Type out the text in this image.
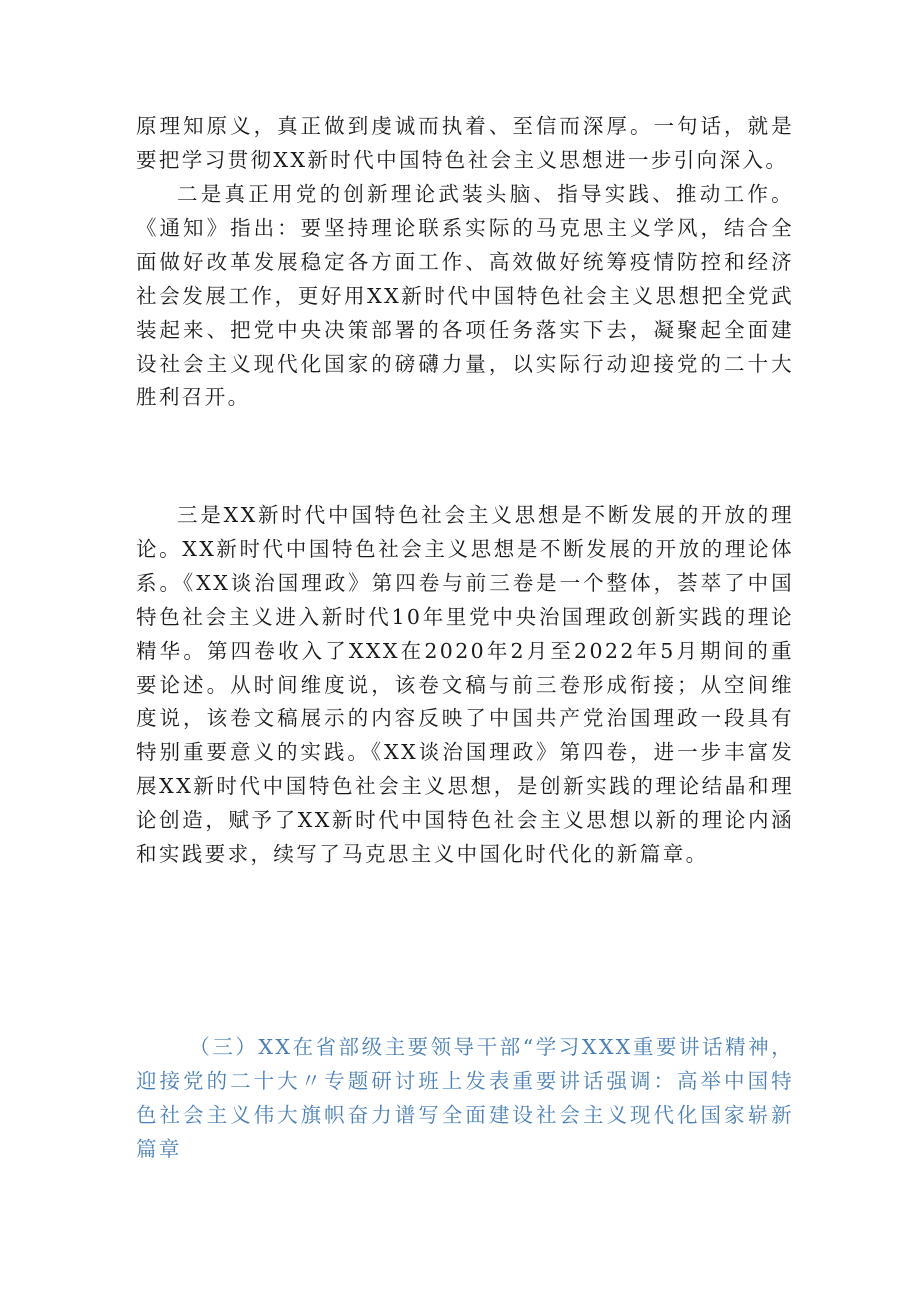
原理知原义，真正做到虔诚而执着、至信而深厚。一句话，就是要把学习贯彻XX新时代中国特色社会主义思想进一步引向深入。

二是真正用党的创新理论武装头脑、指导实践、推动工作。《通知》指出：要坚持理论联系实际的马克思主义学风，结合全面做好改革发展稳定各方面工作、高效做好统筹疫情防控和经济社会发展工作，更好用XX新时代中国特色社会主义思想把全党武装起来、把党中央决策部署的各项任务落实下去，凝聚起全面建设社会主义现代化国家的磅礴力量，以实际行动迎接党的二十大胜利召开。

三是XX新时代中国特色社会主义思想是不断发展的开放的理论。XX新时代中国特色社会主义思想是不断发展的开放的理论体系。《XX谈治国理政》第四卷与前三卷是一个整体，荟萃了中国特色社会主义进入新时代10年里党中央治国理政创新实践的理论精华。第四卷收入了XXX在2020年2月至2022年5月期间的重要论述。从时间维度说，该卷文稿与前三卷形成衔接；从空间维度说，该卷文稿展示的内容反映了中国共产党治国理政一段具有特别重要意义的实践。《XX谈治国理政》第四卷，进一步丰富发展XX新时代中国特色社会主义思想，是创新实践的理论结晶和理论创造，赋予了XX新时代中国特色社会主义思想以新的理论内涵和实践要求，续写了马克思主义中国化时代化的新篇章。

（三）XX在省部级主要领导干部“学习XXX重要讲话精神，迎接党的二十大〃专题研讨班上发表重要讲话强调：高举中国特色社会主义伟大旗帜奋力谱写全面建设社会主义现代化国家崭新篇章
